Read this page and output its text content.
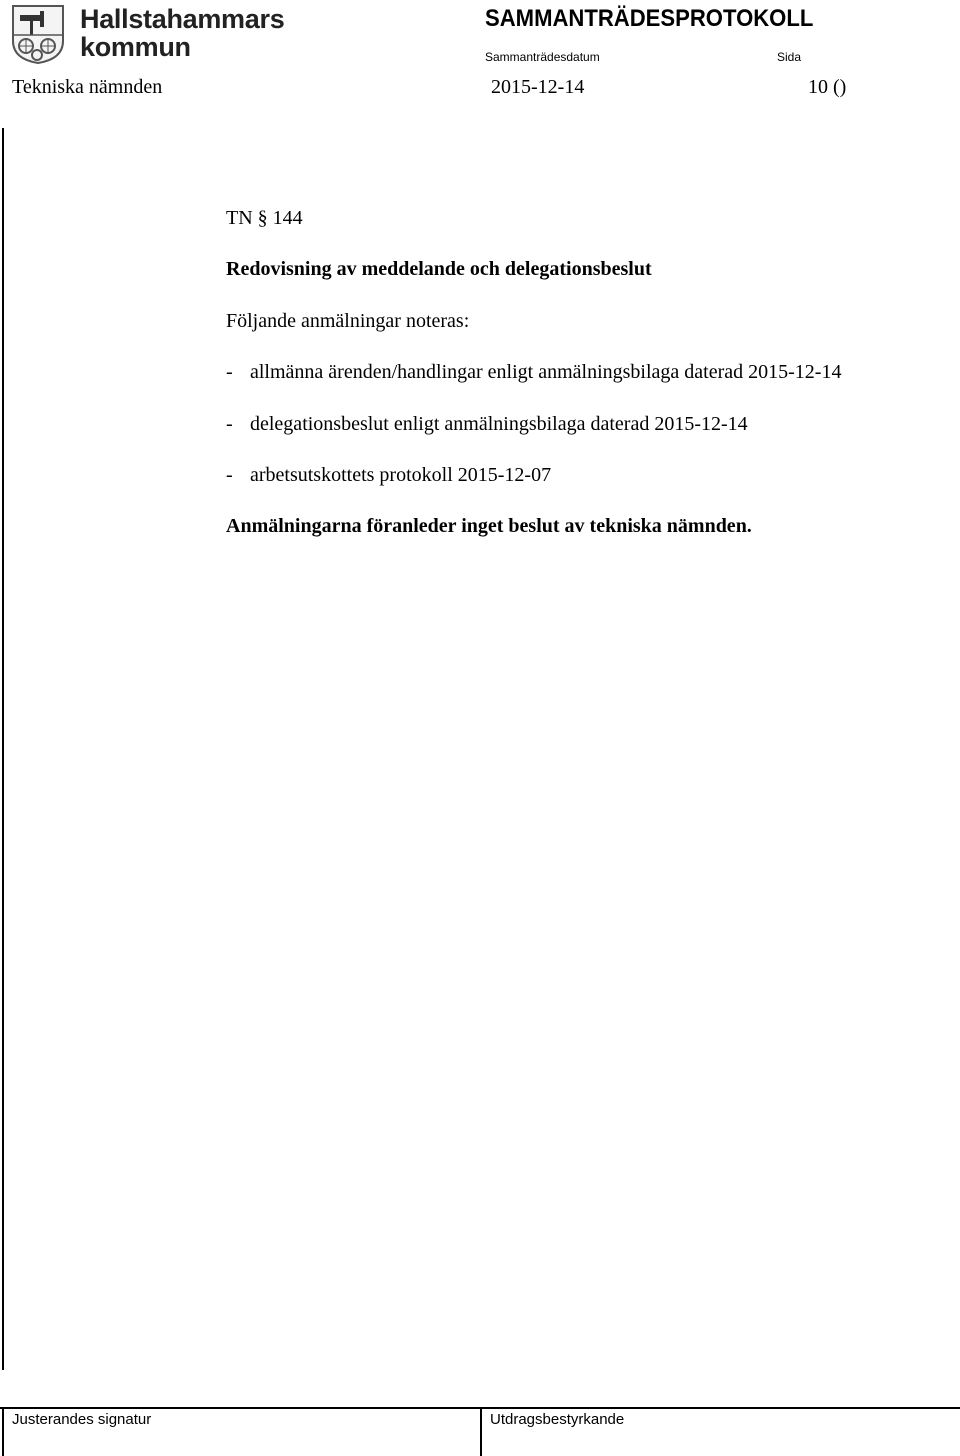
Hallstahammars
kommun
SAMMANTRÄDESPROTOKOLL
Sammanträdesdatum	Sida
Tekniska nämnden	2015-12-14	10 ()

TN § 144

Redovisning av meddelande och delegationsbeslut

Följande anmälningar noteras:

- allmänna ärenden/handlingar enligt anmälningsbilaga daterad 2015-12-14

- delegationsbeslut enligt anmälningsbilaga daterad 2015-12-14

- arbetsutskottets protokoll 2015-12-07

Anmälningarna föranleder inget beslut av tekniska nämnden.

Justerandes signatur	Utdragsbestyrkande
